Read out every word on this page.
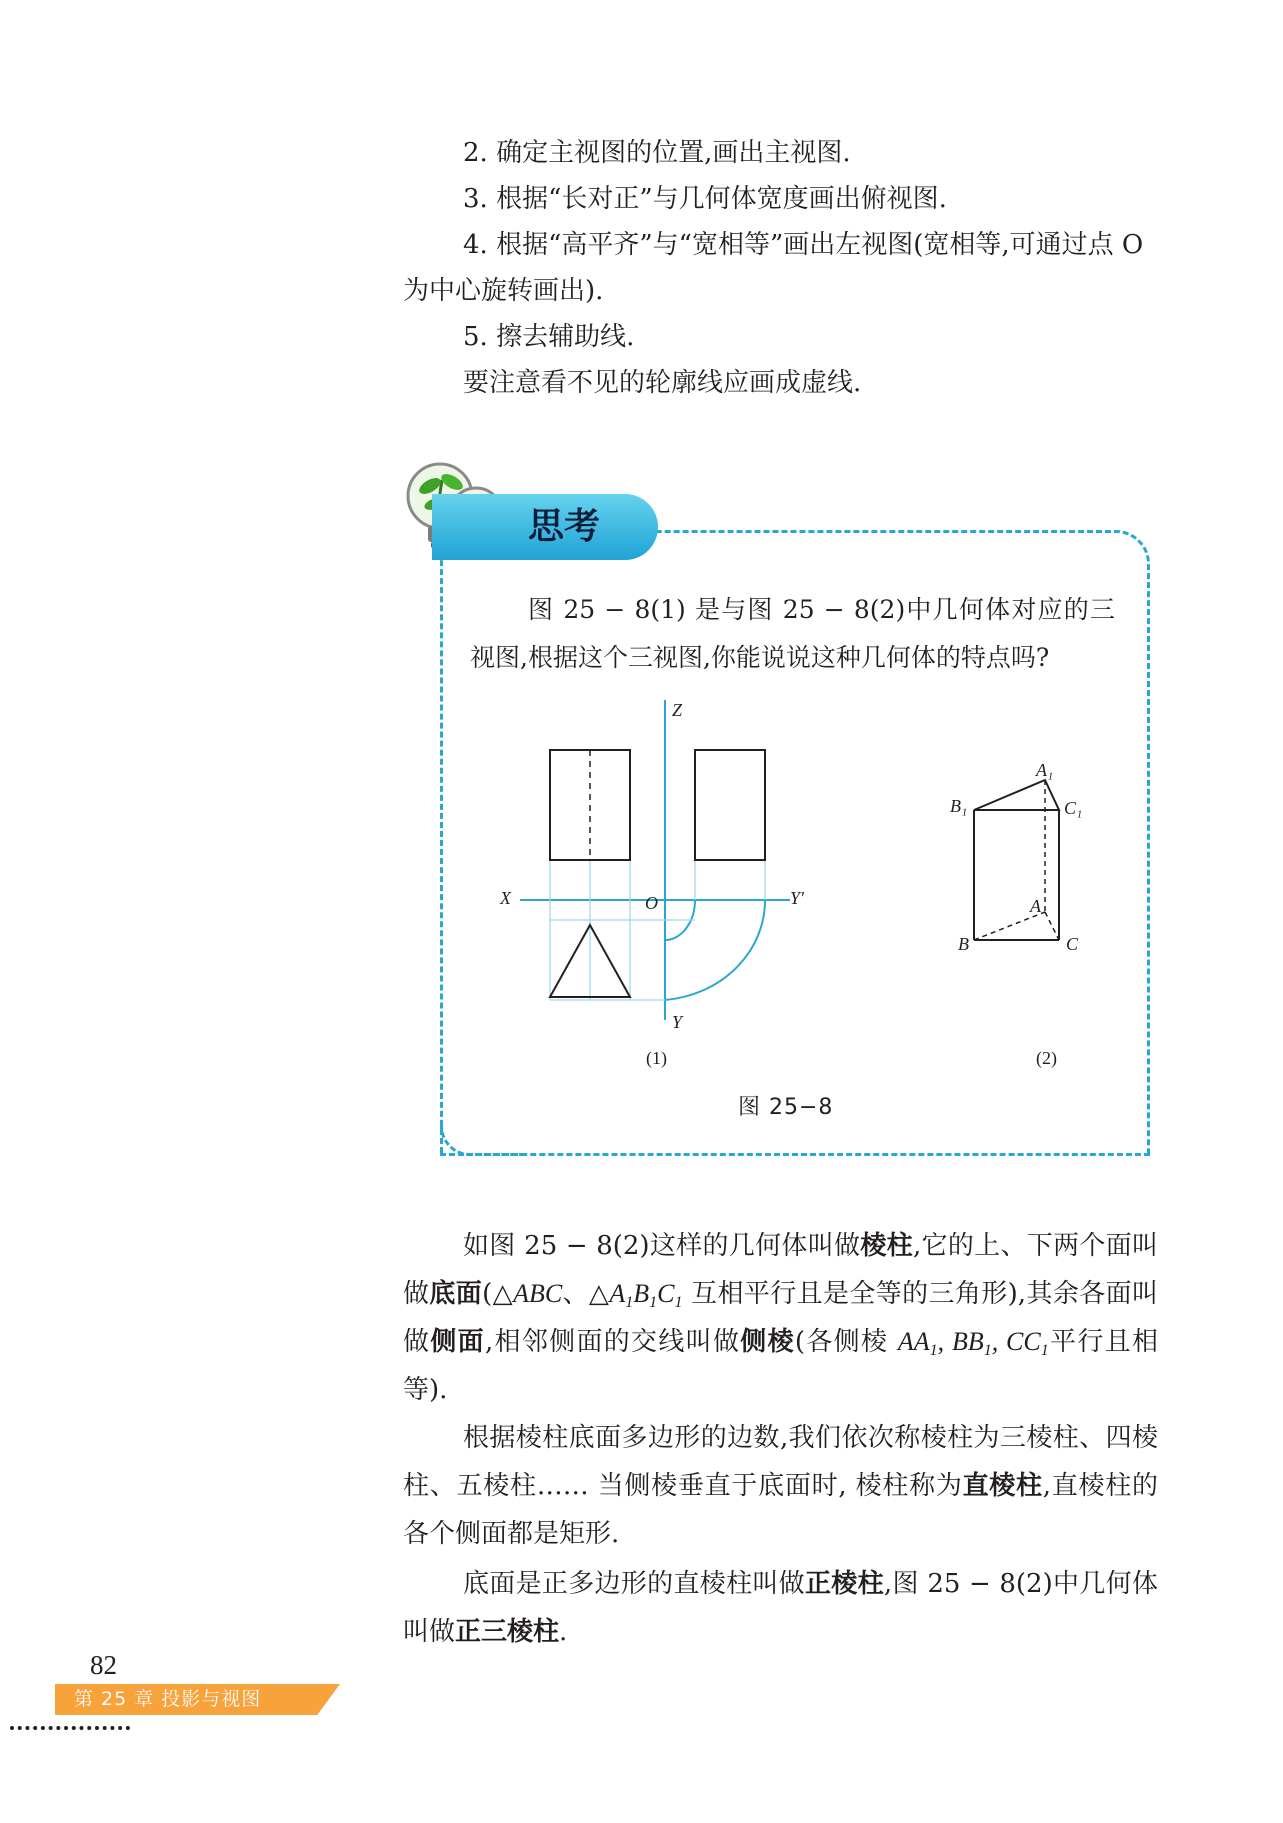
2. 确定主视图的位置,画出主视图.

3. 根据“长对正”与几何体宽度画出俯视图.

4. 根据“高平齐”与“宽相等”画出左视图(宽相等,可通过点 O 为中心旋转画出).

5. 擦去辅助线.

要注意看不见的轮廓线应画成虚线.

思考

图 25 − 8(1) 是与图 25 − 8(2)中几何体对应的三视图,根据这个三视图,你能说说这种几何体的特点吗?

Z
X	Y′
O
Y
A₁
B₁	C₁
A
B	C
(1)	(2)
图 25−8

如图 25 − 8(2)这样的几何体叫做棱柱,它的上、下两个面叫做底面(△ABC、$\triangle A_1B_1C_1$ 互相平行且是全等的三角形),其余各面叫做侧面,相邻侧面的交线叫做侧棱(各侧棱 $AA_1$, $BB_1$, $CC_1$平行且相等).

根据棱柱底面多边形的边数,我们依次称棱柱为三棱柱、四棱柱、五棱柱…… 当侧棱垂直于底面时, 棱柱称为直棱柱,直棱柱的各个侧面都是矩形.

底面是正多边形的直棱柱叫做正棱柱,图 25 − 8(2)中几何体叫做正三棱柱.

82
第 25 章 投影与视图
